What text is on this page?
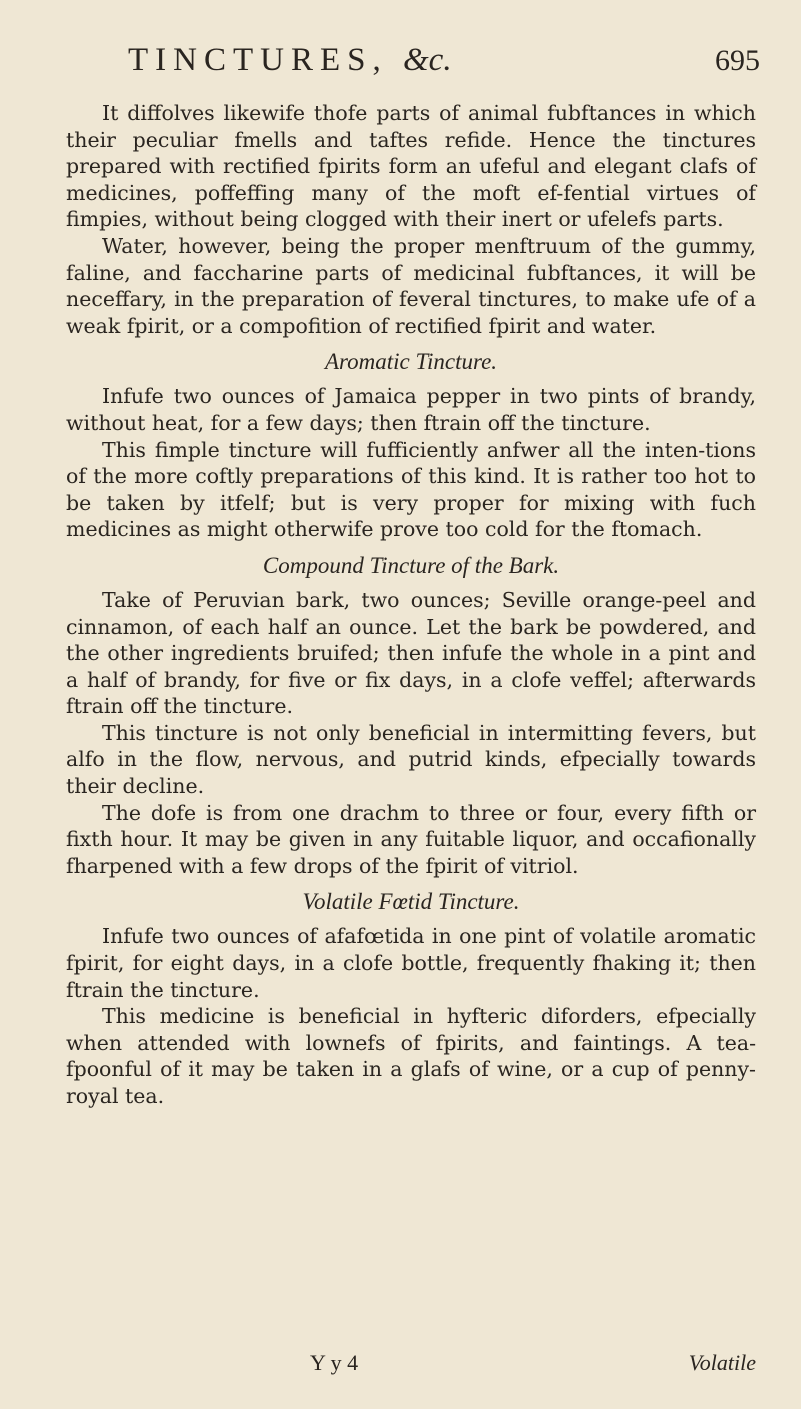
TINCTURES, &c.	695

It diffolves likewife thofe parts of animal fubftances in which their peculiar fmells and taftes refide. Hence the tinctures prepared with rectified fpirits form an ufeful and elegant clafs of medicines, poffeffing many of the moft ef-fential virtues of fimpies, without being clogged with their inert or ufelefs parts.

Water, however, being the proper menftruum of the gummy, faline, and faccharine parts of medicinal fubftances, it will be neceffary, in the preparation of feveral tinctures, to make ufe of a weak fpirit, or a compofition of rectified fpirit and water.

Aromatic Tincture.

Infufe two ounces of Jamaica pepper in two pints of brandy, without heat, for a few days; then ftrain off the tincture.

This fimple tincture will fufficiently anfwer all the inten-tions of the more coftly preparations of this kind. It is rather too hot to be taken by itfelf; but is very proper for mixing with fuch medicines as might otherwife prove too cold for the ftomach.

Compound Tincture of the Bark.

Take of Peruvian bark, two ounces; Seville orange-peel and cinnamon, of each half an ounce. Let the bark be powdered, and the other ingredients bruifed; then infufe the whole in a pint and a half of brandy, for five or fix days, in a clofe veffel; afterwards ftrain off the tincture.

This tincture is not only beneficial in intermitting fevers, but alfo in the flow, nervous, and putrid kinds, efpecially towards their decline.

The dofe is from one drachm to three or four, every fifth or fixth hour. It may be given in any fuitable liquor, and occafionally fharpened with a few drops of the fpirit of vitriol.

Volatile Fœtid Tincture.

Infufe two ounces of afafœtida in one pint of volatile aromatic fpirit, for eight days, in a clofe bottle, frequently fhaking it; then ftrain the tincture.

This medicine is beneficial in hyfteric diforders, efpecially when attended with lownefs of fpirits, and faintings. A tea-fpoonful of it may be taken in a glafs of wine, or a cup of penny-royal tea.

Y y 4	Volatile
